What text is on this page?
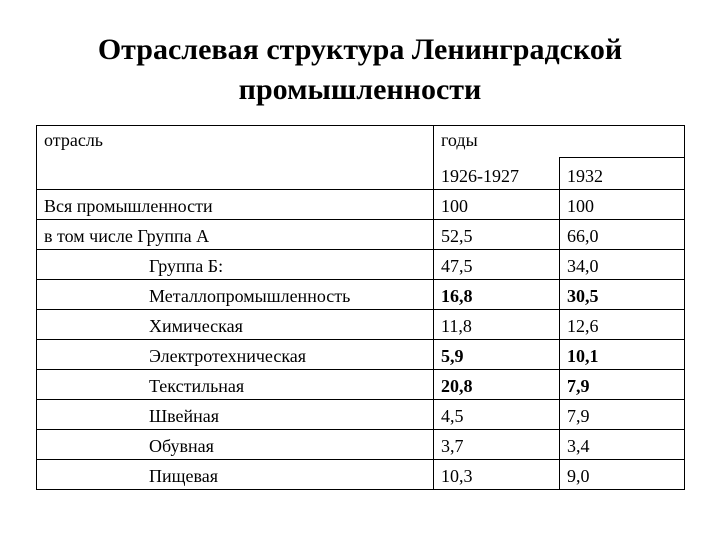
Отраслевая структура Ленинградской
промышленности
отрасль	годы	
	1926-1927	1932
Вся промышленности	100	100
в том числе Группа А	52,5	66,0
Группа Б:	47,5	34,0
Металлопромышленность	16,8	30,5
Химическая	11,8	12,6
Электротехническая	5,9	10,1
Текстильная	20,8	7,9
Швейная	4,5	7,9
Обувная	3,7	3,4
Пищевая	10,3	9,0
